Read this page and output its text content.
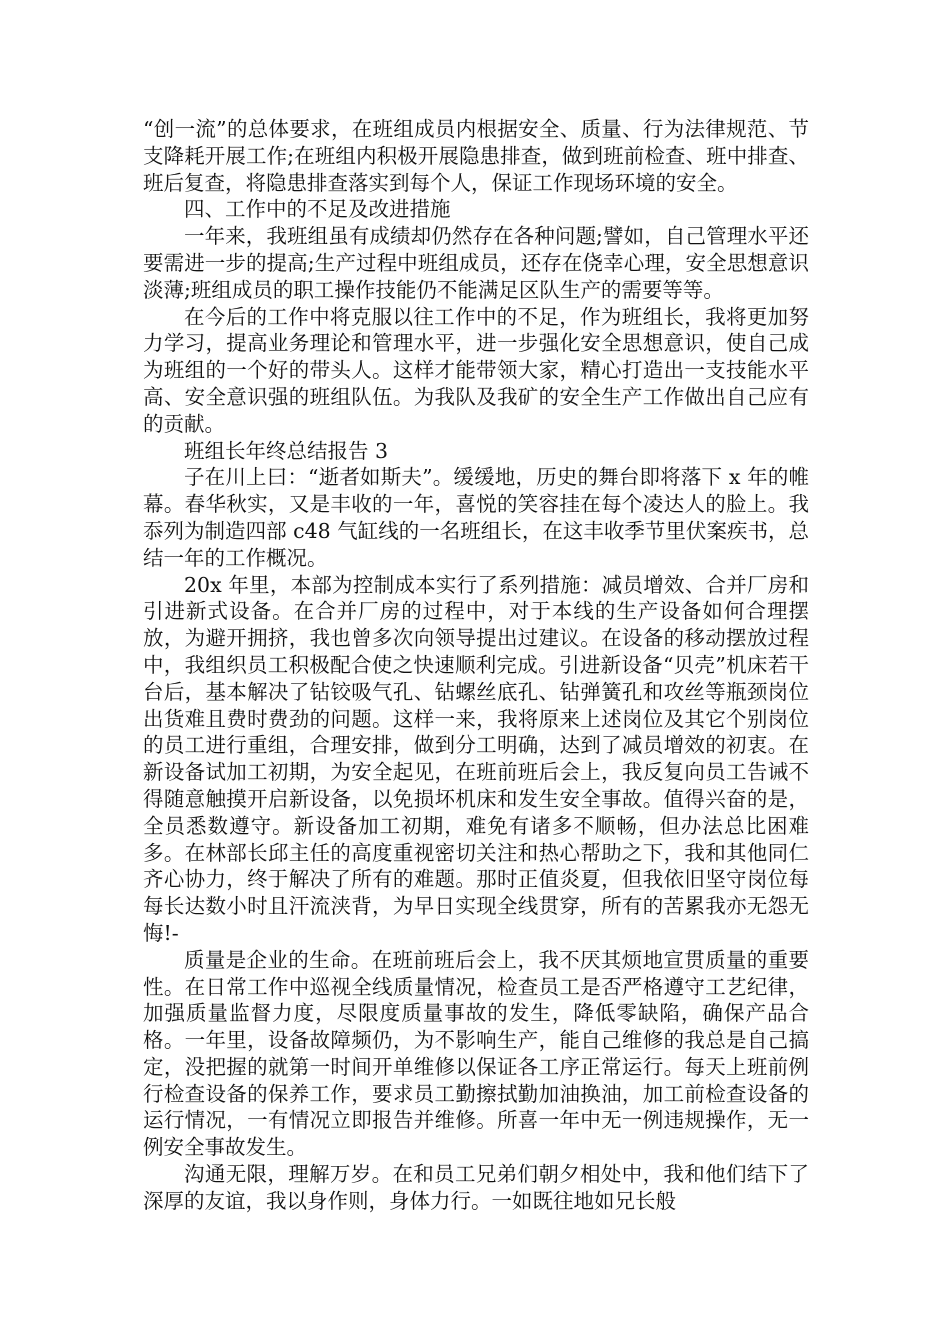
“创一流”的总体要求，在班组成员内根据安全、质量、行为法律规范、节支降耗开展工作;在班组内积极开展隐患排查，做到班前检查、班中排查、班后复查，将隐患排查落实到每个人，保证工作现场环境的安全。

四、工作中的不足及改进措施

一年来，我班组虽有成绩却仍然存在各种问题;譬如，自己管理水平还要需进一步的提高;生产过程中班组成员，还存在侥幸心理，安全思想意识淡薄;班组成员的职工操作技能仍不能满足区队生产的需要等等。

在今后的工作中将克服以往工作中的不足，作为班组长，我将更加努力学习，提高业务理论和管理水平，进一步强化安全思想意识，使自己成为班组的一个好的带头人。这样才能带领大家，精心打造出一支技能水平高、安全意识强的班组队伍。为我队及我矿的安全生产工作做出自己应有的贡献。

班组长年终总结报告 3

子在川上曰：“逝者如斯夫”。缓缓地，历史的舞台即将落下 x 年的帷幕。春华秋实，又是丰收的一年，喜悦的笑容挂在每个凌达人的脸上。我忝列为制造四部 c48 气缸线的一名班组长，在这丰收季节里伏案疾书，总结一年的工作概况。

20x 年里，本部为控制成本实行了系列措施：减员增效、合并厂房和引进新式设备。在合并厂房的过程中，对于本线的生产设备如何合理摆放，为避开拥挤，我也曾多次向领导提出过建议。在设备的移动摆放过程中，我组织员工积极配合使之快速顺利完成。引进新设备“贝壳”机床若干台后，基本解决了钻铰吸气孔、钻螺丝底孔、钻弹簧孔和攻丝等瓶颈岗位出货难且费时费劲的问题。这样一来，我将原来上述岗位及其它个别岗位的员工进行重组，合理安排，做到分工明确，达到了减员增效的初衷。在新设备试加工初期，为安全起见，在班前班后会上，我反复向员工告诫不得随意触摸开启新设备，以免损坏机床和发生安全事故。值得兴奋的是，全员悉数遵守。新设备加工初期，难免有诸多不顺畅，但办法总比困难多。在林部长邱主任的高度重视密切关注和热心帮助之下，我和其他同仁齐心协力，终于解决了所有的难题。那时正值炎夏，但我依旧坚守岗位每每长达数小时且汗流浃背，为早日实现全线贯穿，所有的苦累我亦无怨无悔!-

质量是企业的生命。在班前班后会上，我不厌其烦地宣贯质量的重要性。在日常工作中巡视全线质量情况，检查员工是否严格遵守工艺纪律，加强质量监督力度，尽限度质量事故的发生，降低零缺陷，确保产品合格。一年里，设备故障频仍，为不影响生产，能自己维修的我总是自己搞定，没把握的就第一时间开单维修以保证各工序正常运行。每天上班前例行检查设备的保养工作，要求员工勤擦拭勤加油换油，加工前检查设备的运行情况，一有情况立即报告并维修。所喜一年中无一例违规操作，无一例安全事故发生。

沟通无限，理解万岁。在和员工兄弟们朝夕相处中，我和他们结下了深厚的友谊，我以身作则，身体力行。一如既往地如兄长般
